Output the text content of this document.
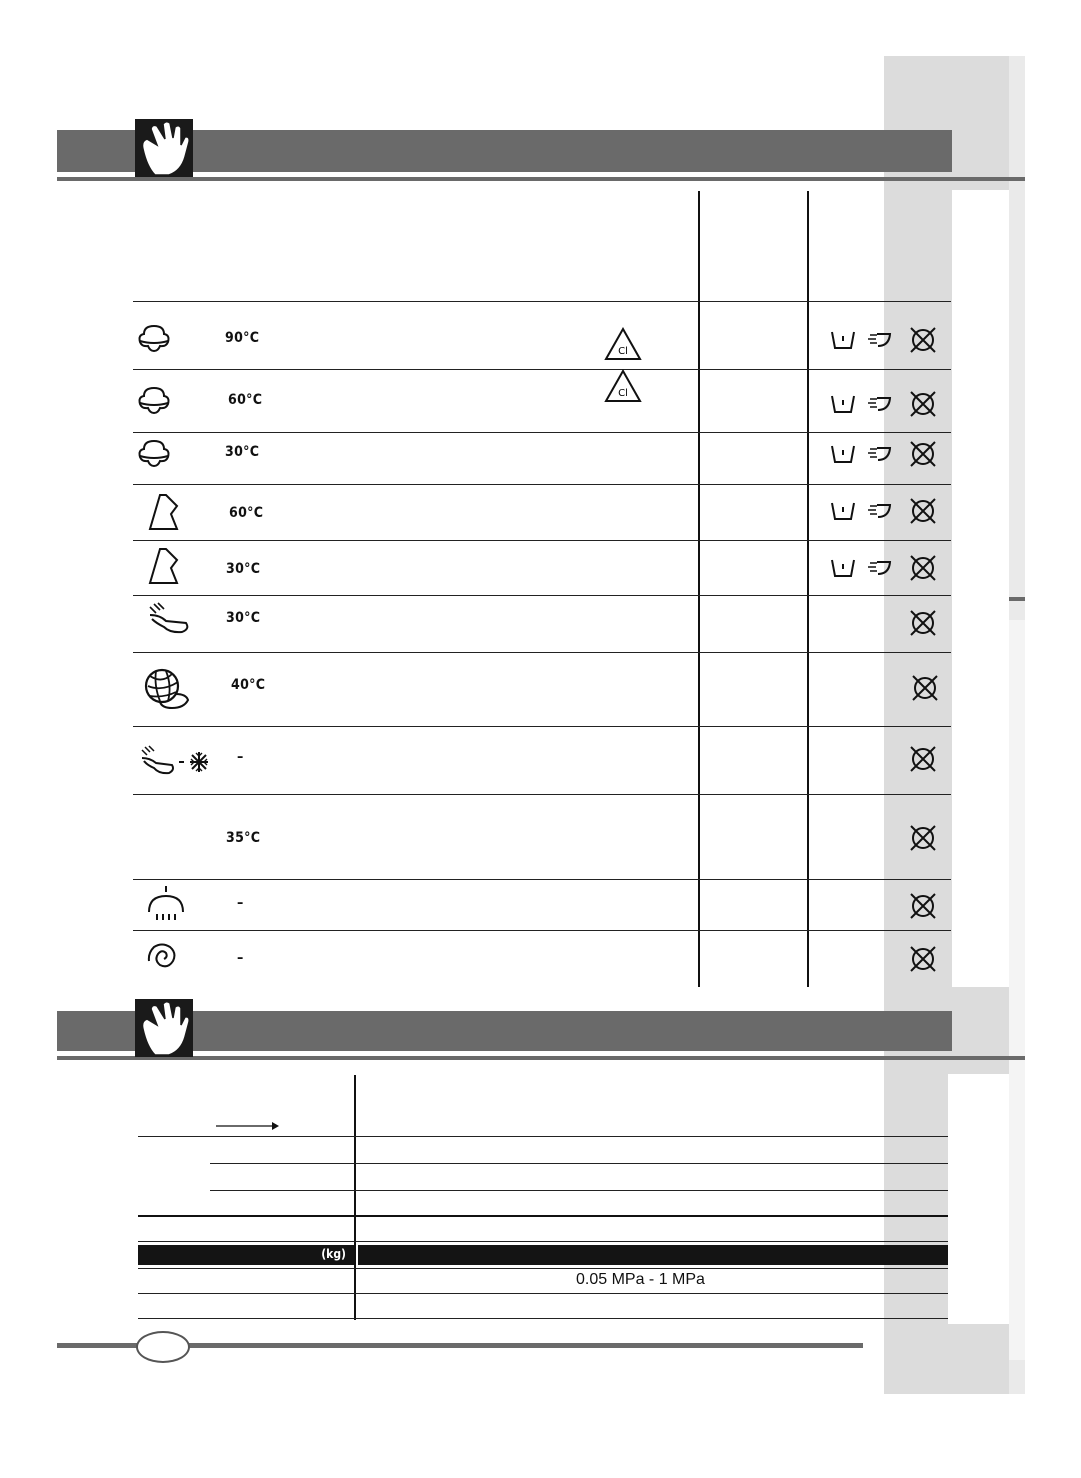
90°C
Cl
60°C	Cl
30°C
60°C
30°C
30°C
40°C
–
35°C
–
–
(kg)
0.05 MPa - 1 MPa
